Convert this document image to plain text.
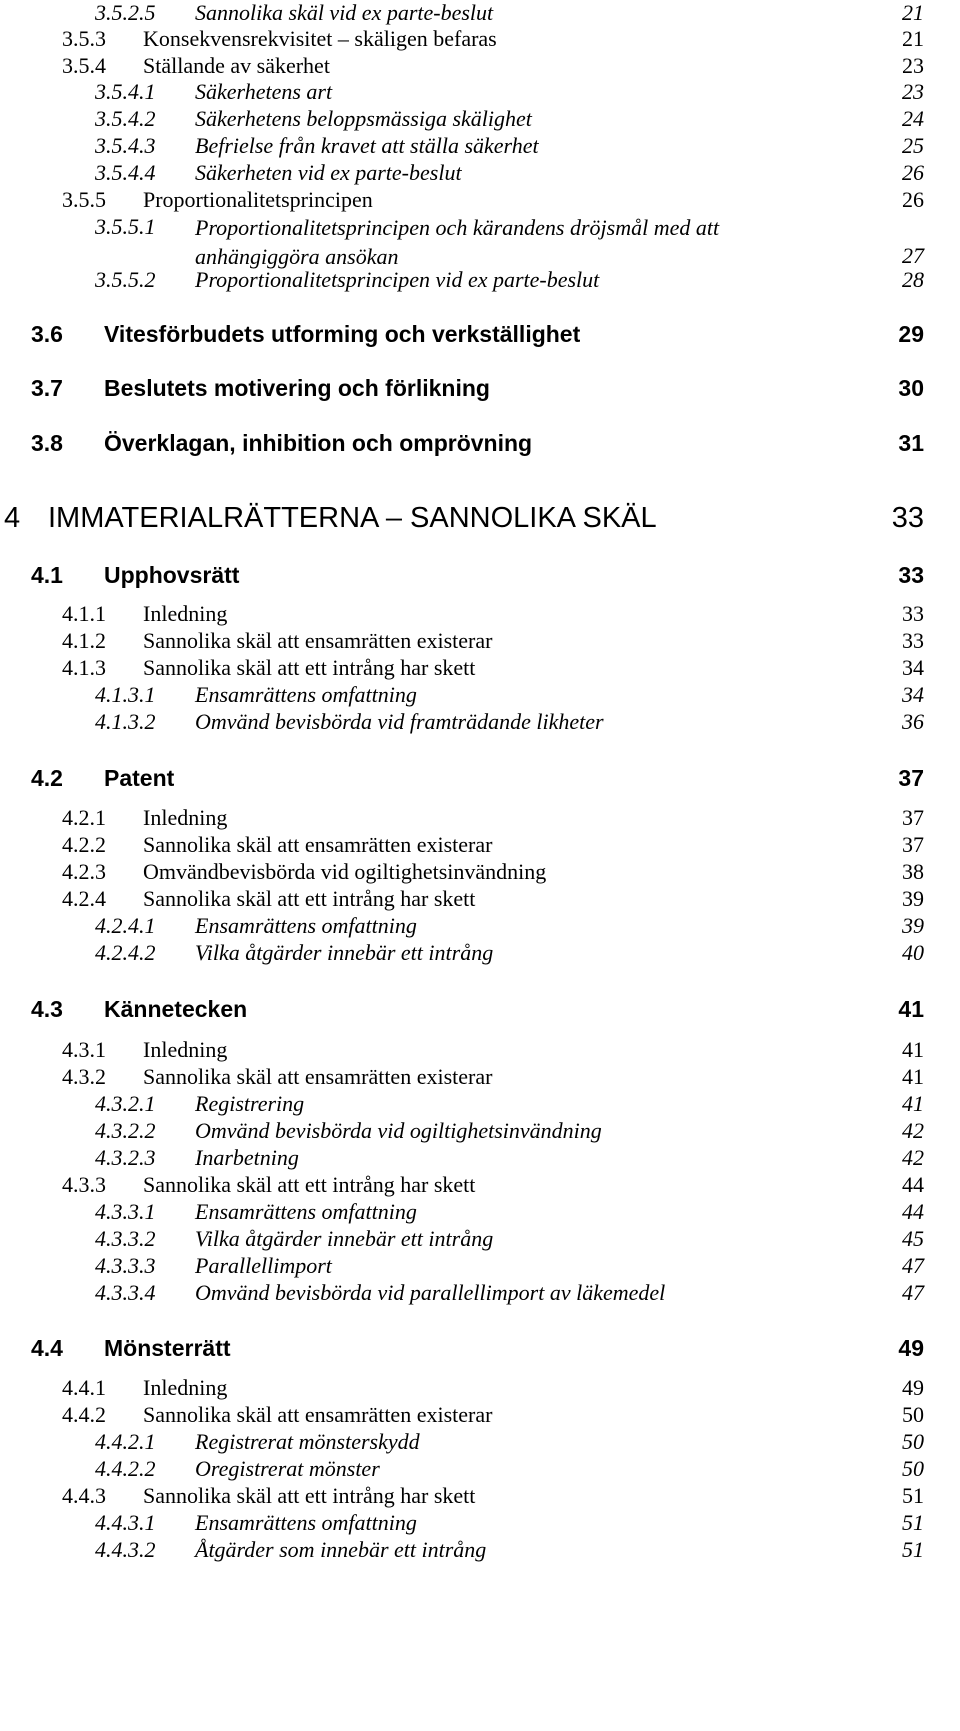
3.5.2.5 Sannolika skäl vid ex parte-beslut	21
3.5.3 Konsekvensrekvisitet – skäligen befaras	21
3.5.4 Ställande av säkerhet	23
3.5.4.1 Säkerhetens art	23
3.5.4.2 Säkerhetens beloppsmässiga skälighet	24
3.5.4.3 Befrielse från kravet att ställa säkerhet	25
3.5.4.4 Säkerheten vid ex parte-beslut	26
3.5.5 Proportionalitetsprincipen	26
3.5.5.1 Proportionalitetsprincipen och kärandens dröjsmål med att anhängiggöra ansökan	27
3.5.5.2 Proportionalitetsprincipen vid ex parte-beslut	28
3.6 Vitesförbudets utforming och verkställighet	29
3.7 Beslutets motivering och förlikning	30
3.8 Överklagan, inhibition och omprövning	31
4 IMMATERIALRÄTTERNA – SANNOLIKA SKÄL	33
4.1 Upphovsrätt	33
4.1.1 Inledning	33
4.1.2 Sannolika skäl att ensamrätten existerar	33
4.1.3 Sannolika skäl att ett intrång har skett	34
4.1.3.1 Ensamrättens omfattning	34
4.1.3.2 Omvänd bevisbörda vid framträdande likheter	36
4.2 Patent	37
4.2.1 Inledning	37
4.2.2 Sannolika skäl att ensamrätten existerar	37
4.2.3 Omvändbevisbörda vid ogiltighetsinvändning	38
4.2.4 Sannolika skäl att ett intrång har skett	39
4.2.4.1 Ensamrättens omfattning	39
4.2.4.2 Vilka åtgärder innebär ett intrång	40
4.3 Kännetecken	41
4.3.1 Inledning	41
4.3.2 Sannolika skäl att ensamrätten existerar	41
4.3.2.1 Registrering	41
4.3.2.2 Omvänd bevisbörda vid ogiltighetsinvändning	42
4.3.2.3 Inarbetning	42
4.3.3 Sannolika skäl att ett intrång har skett	44
4.3.3.1 Ensamrättens omfattning	44
4.3.3.2 Vilka åtgärder innebär ett intrång	45
4.3.3.3 Parallellimport	47
4.3.3.4 Omvänd bevisbörda vid parallellimport av läkemedel	47
4.4 Mönsterrätt	49
4.4.1 Inledning	49
4.4.2 Sannolika skäl att ensamrätten existerar	50
4.4.2.1 Registrerat mönsterskydd	50
4.4.2.2 Oregistrerat mönster	50
4.4.3 Sannolika skäl att ett intrång har skett	51
4.4.3.1 Ensamrättens omfattning	51
4.4.3.2 Åtgärder som innebär ett intrång	51
